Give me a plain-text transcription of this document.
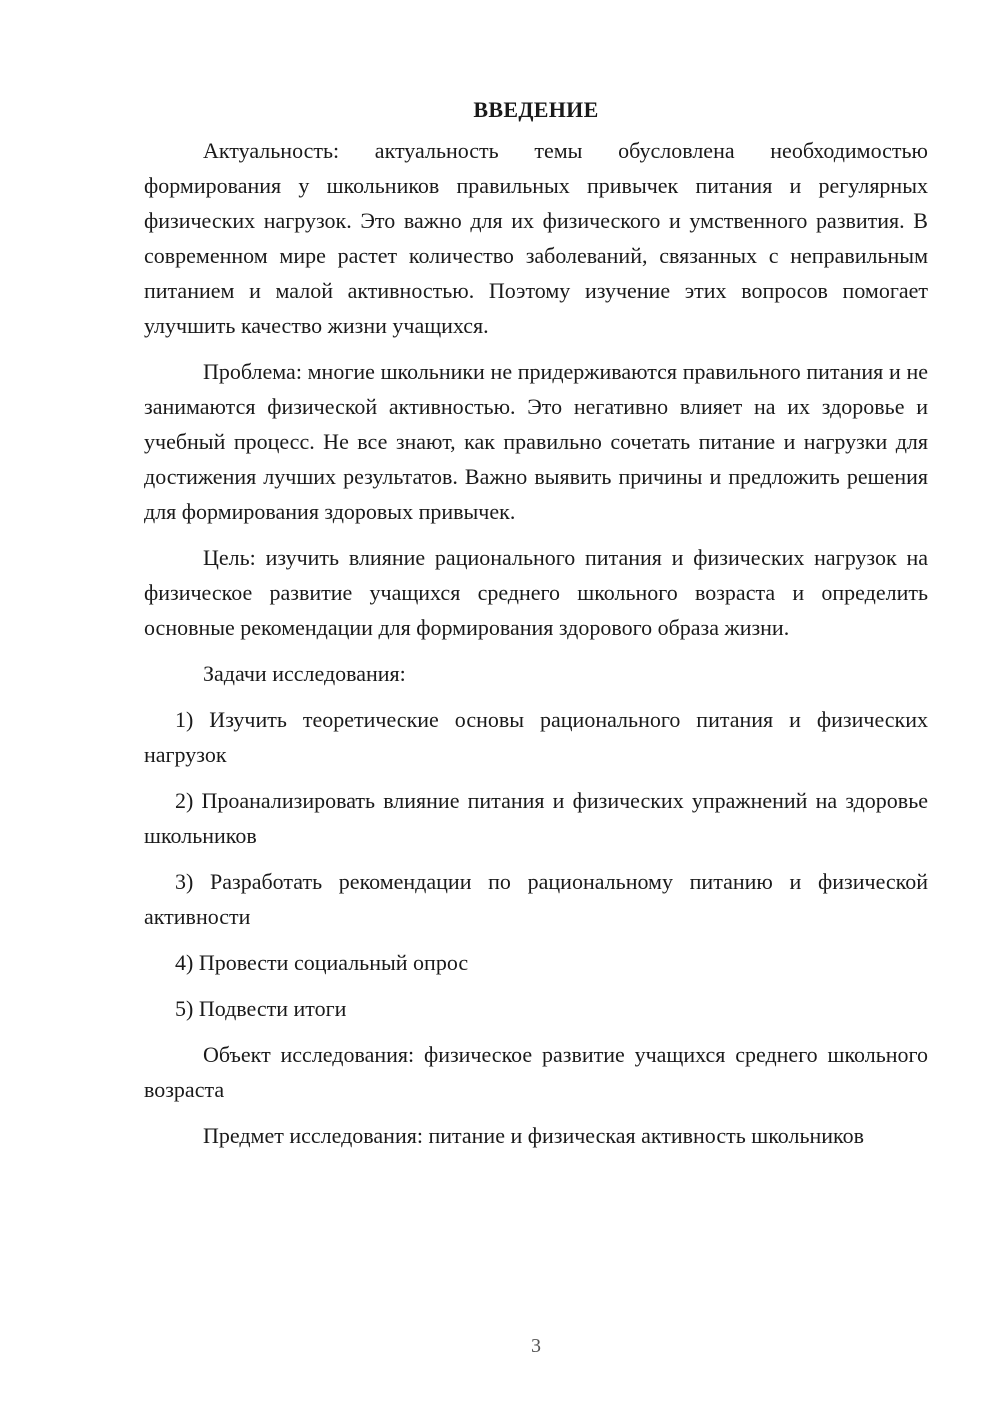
ВВЕДЕНИЕ

Актуальность: актуальность темы обусловлена необходимостью формирования у школьников правильных привычек питания и регулярных физических нагрузок. Это важно для их физического и умственного развития. В современном мире растет количество заболеваний, связанных с неправильным питанием и малой активностью. Поэтому изучение этих вопросов помогает улучшить качество жизни учащихся.

Проблема: многие школьники не придерживаются правильного питания и не занимаются физической активностью. Это негативно влияет на их здоровье и учебный процесс. Не все знают, как правильно сочетать питание и нагрузки для достижения лучших результатов. Важно выявить причины и предложить решения для формирования здоровых привычек.

Цель: изучить влияние рационального питания и физических нагрузок на физическое развитие учащихся среднего школьного возраста и определить основные рекомендации для формирования здорового образа жизни.

Задачи исследования:

1) Изучить теоретические основы рационального питания и физических нагрузок

2) Проанализировать влияние питания и физических упражнений на здоровье школьников

3) Разработать рекомендации по рациональному питанию и физической активности

4) Провести социальный опрос

5) Подвести итоги

Объект исследования: физическое развитие учащихся среднего школьного возраста

Предмет исследования: питание и физическая активность школьников

3
